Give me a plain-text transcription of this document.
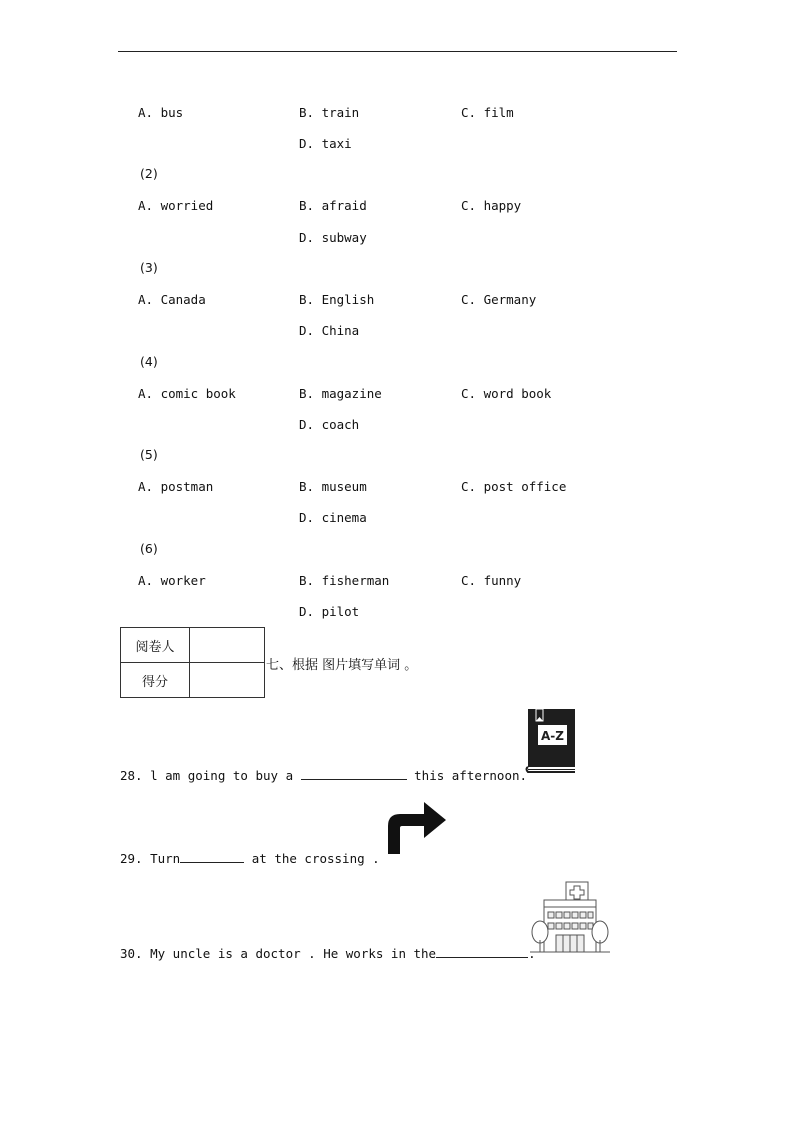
A. bus	B. train	C. film
D. taxi
(2)
A. worried	B. afraid	C. happy
D. subway
(3)
A. Canada	B. English	C. Germany
D. China
(4)
A. comic book	B. magazine	C. word book
D. coach
(5)
A. postman	B. museum	C. post office
D. cinema
(6)
A. worker	B. fisherman	C. funny
D. pilot
阅卷人	
得分	
七、根据 图片填写单词 。
28. l am going to buy a	this afternoon.
A-Z
29. Turn	at the crossing .
30. My uncle is a doctor . He works in the	.
